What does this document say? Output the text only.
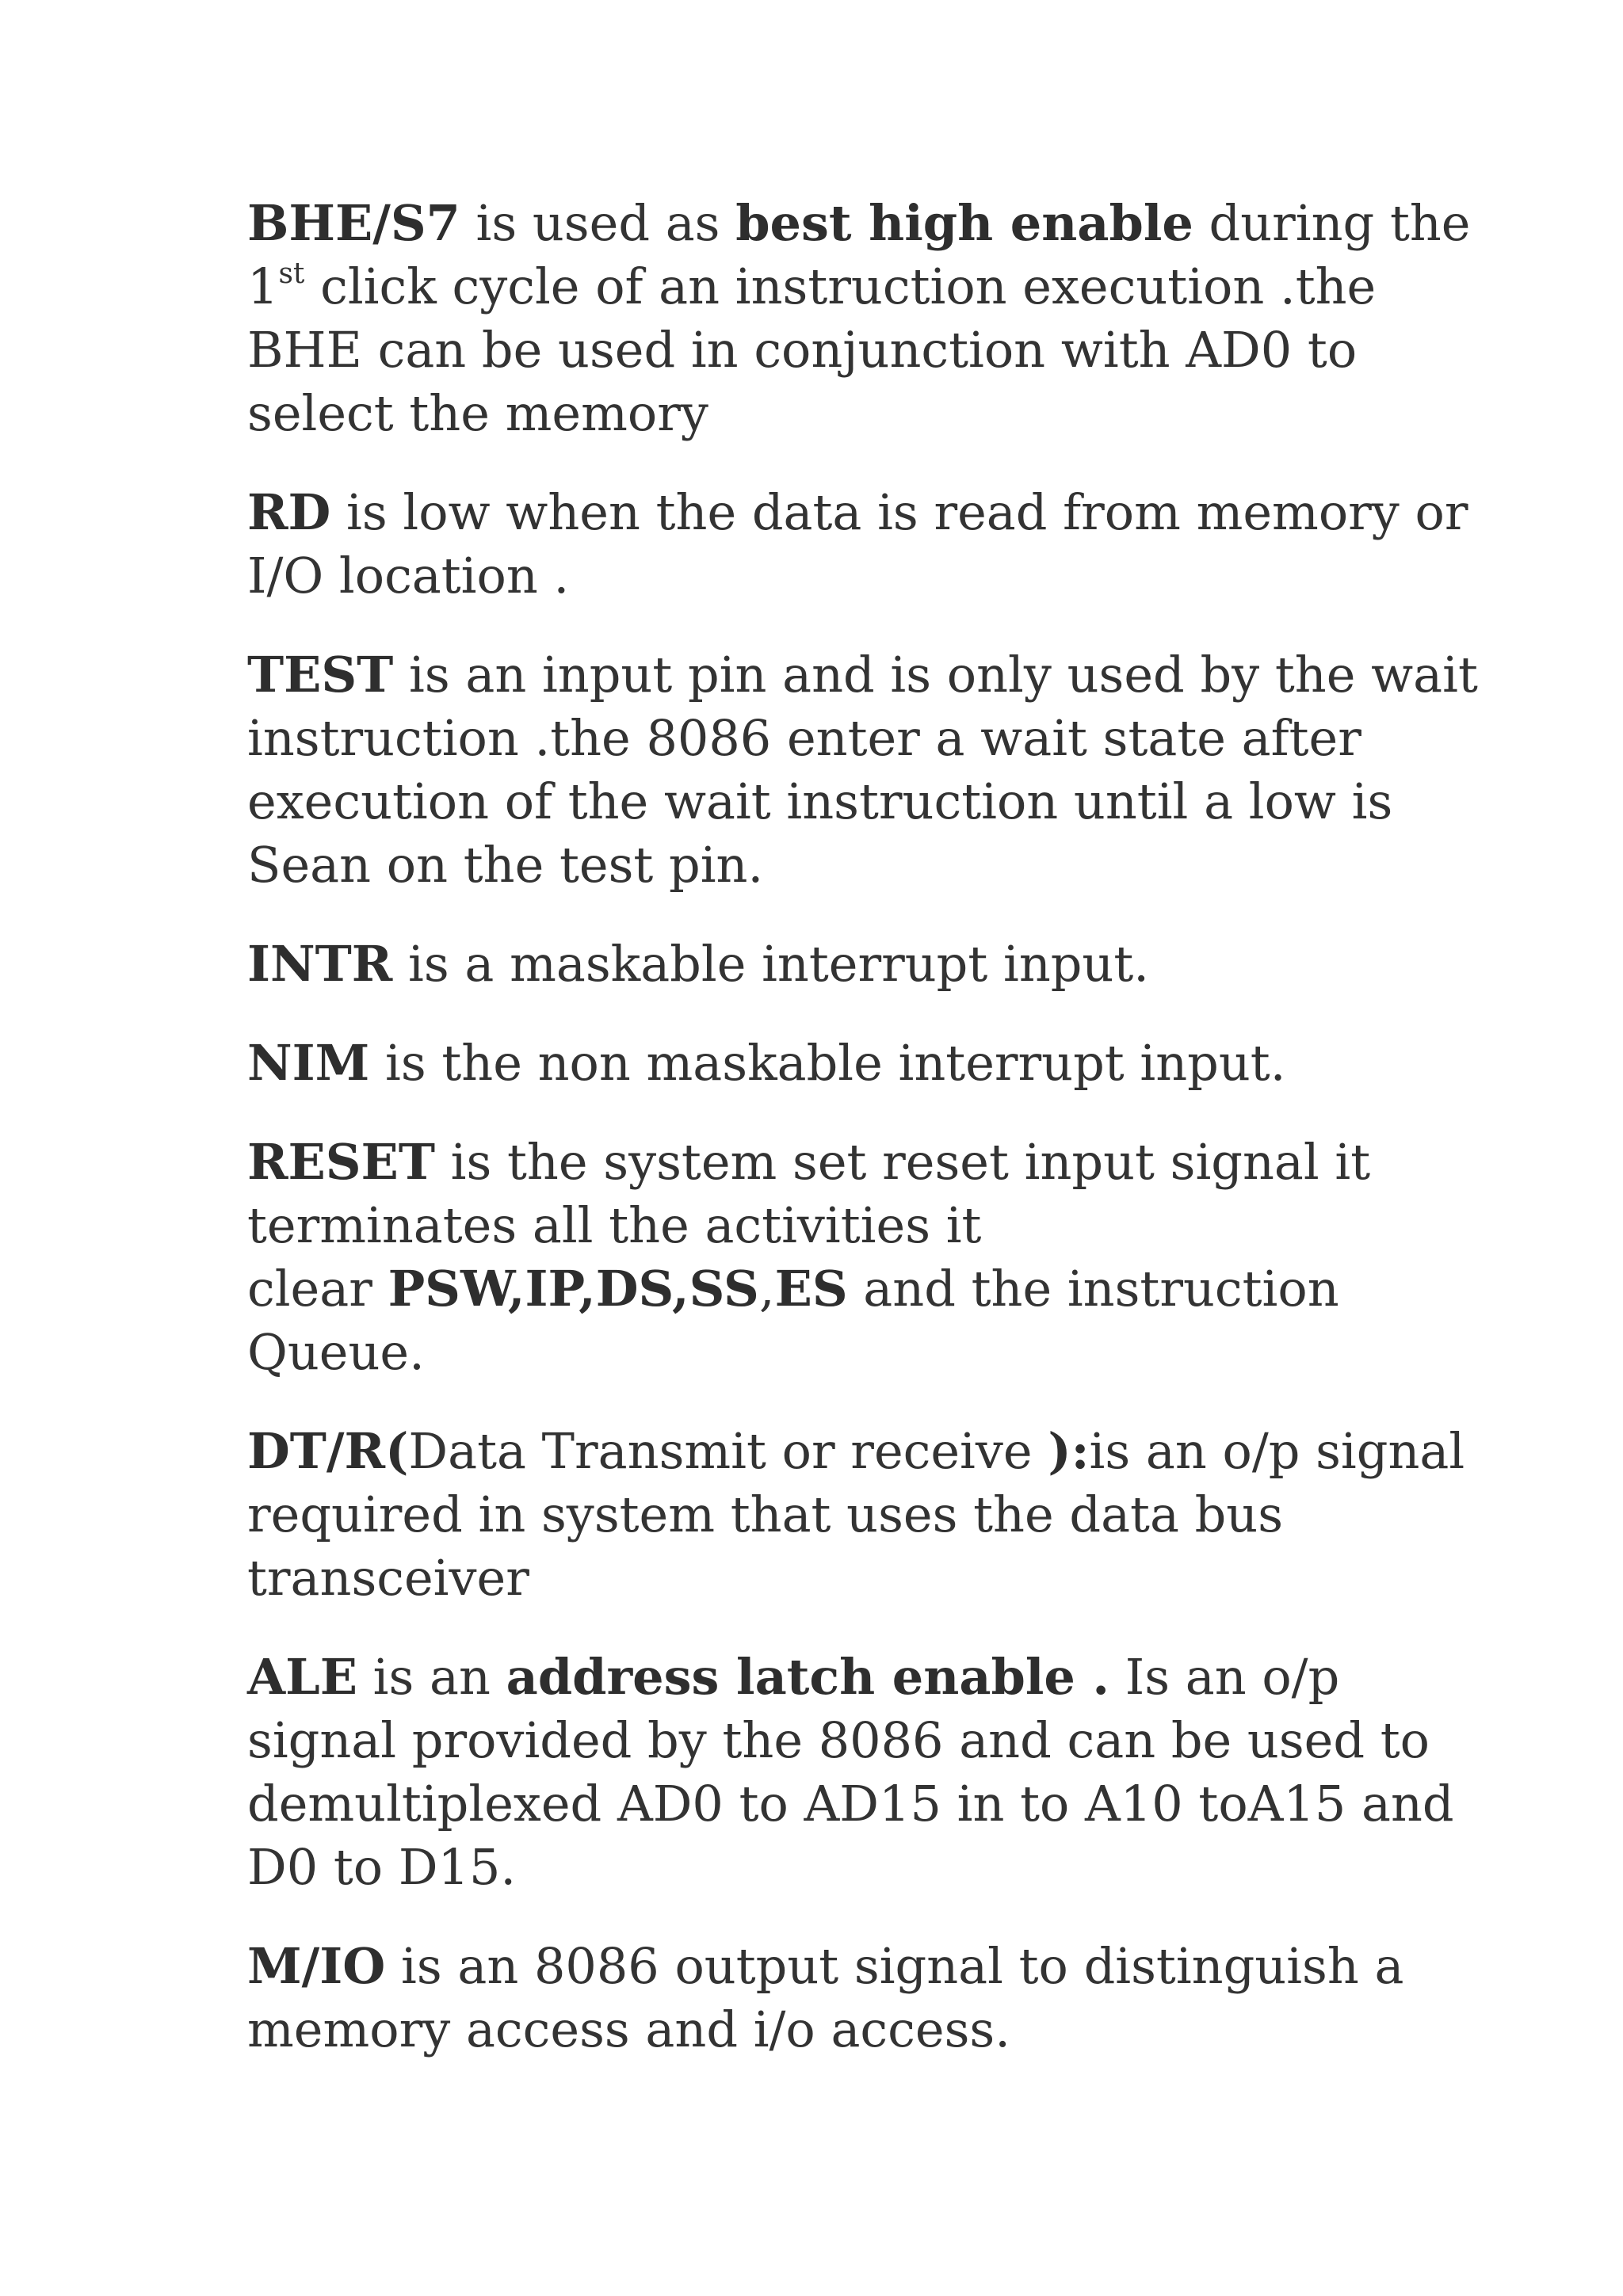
BHE/S7 is used as best high enable during the 1st click cycle of an instruction execution .the BHE can be used in conjunction with AD0 to select the memory

RD is low when the data is read from memory or I/O location .

TEST is an input pin and is only used by the wait instruction .the 8086 enter a wait state after execution of the wait instruction until a low is Sean on the test pin.

INTR is a maskable interrupt input.

NIM is the non maskable interrupt input.

RESET is the system set reset input signal it terminates all the activities it
clear PSW,IP,DS,SS,ES and the instruction Queue.

DT/R(Data Transmit or receive ):is an o/p signal required in system that uses the data bus transceiver

ALE is an address latch enable . Is an o/p signal provided by the 8086 and can be used to demultiplexed AD0 to AD15 in to A10 toA15 and D0 to D15.

M/IO is an 8086 output signal to distinguish a memory access and i/o access.
